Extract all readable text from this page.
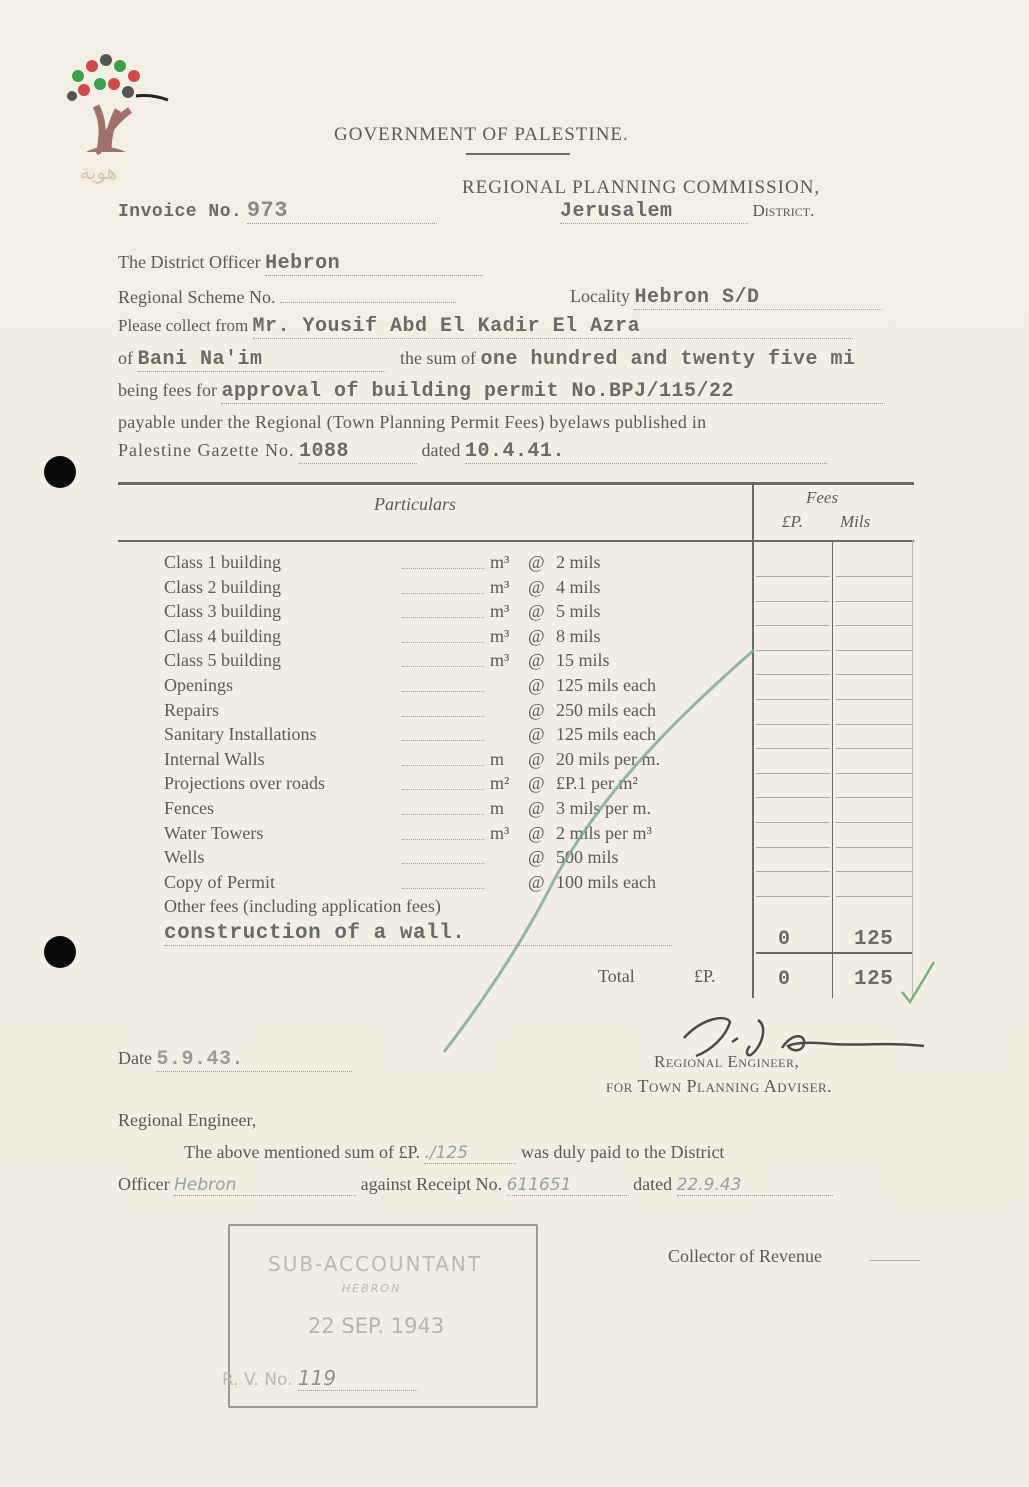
هوية
GOVERNMENT OF PALESTINE.
REGIONAL PLANNING COMMISSION,
Invoice No. 973	Jerusalem	District.
The District Officer Hebron
Regional Scheme No.	Locality Hebron S/D
Please collect from Mr. Yousif Abd El Kadir El Azra
of Bani Na'im	the sum of one hundred and twenty five mi
being fees for approval of building permit No.BPJ/115/22
payable under the Regional (Town Planning Permit Fees) byelaws published in
Palestine Gazette No. 1088	dated 10.4.41.
Particulars	Fees
£P. Mils
Class 1 building	m³ @ 2 mils
Class 2 building	m³ @ 4 mils
Class 3 building	m³ @ 5 mils
Class 4 building	m³ @ 8 mils
Class 5 building	m³ @ 15 mils
Openings	@ 125 mils each
Repairs	@ 250 mils each
Sanitary Installations	@ 125 mils each
Internal Walls	m @ 20 mils per m.
Projections over roads	m² @ £P.1 per m²
Fences	m @ 3 mils per m.
Water Towers	m³ @ 2 mils per m³
Wells	@ 500 mils
Copy of Permit	@ 100 mils each
Other fees (including application fees)
construction of a wall.	0	125
Total	£P.	0	125
Date 5.9.43.	Regional Engineer,
for Town Planning Adviser.
Regional Engineer,
The above mentioned sum of £P. ./125	was duly paid to the District
Officer Hebron	against Receipt No. 611651	dated 22.9.43
Collector of Revenue
SUB-ACCOUNTANT
HEBRON
22 SEP. 1943
R. V. No. 119
